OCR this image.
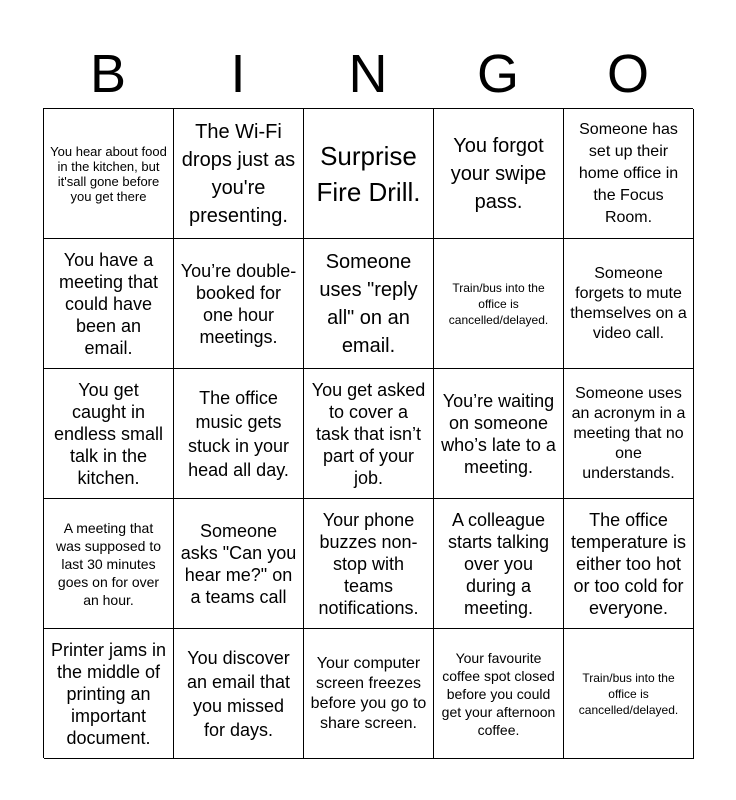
B	I	N	G	O
You hear about food in the kitchen, but it'sall gone before you get there
The Wi-Fi drops just as you're presenting.
Surprise Fire Drill.
You forgot your swipe pass.
Someone has set up their home office in the Focus Room.
You have a meeting that could have been an email.
You’re double-booked for one hour meetings.
Someone uses "reply all" on an email.
Train/bus into the office is cancelled/delayed.
Someone forgets to mute themselves on a video call.
You get caught in endless small talk in the kitchen.
The office music gets stuck in your head all day.
You get asked to cover a task that isn’t part of your job.
You’re waiting on someone who’s late to a meeting.
Someone uses an acronym in a meeting that no one understands.
A meeting that was supposed to last 30 minutes goes on for over an hour.
Someone asks "Can you hear me?" on a teams call
Your phone buzzes non-stop with teams notifications.
A colleague starts talking over you during a meeting.
The office temperature is either too hot or too cold for everyone.
Printer jams in the middle of printing an important document.
You discover an email that you missed for days.
Your computer screen freezes before you go to share screen.
Your favourite coffee spot closed before you could get your afternoon coffee.
Train/bus into the office is cancelled/delayed.
